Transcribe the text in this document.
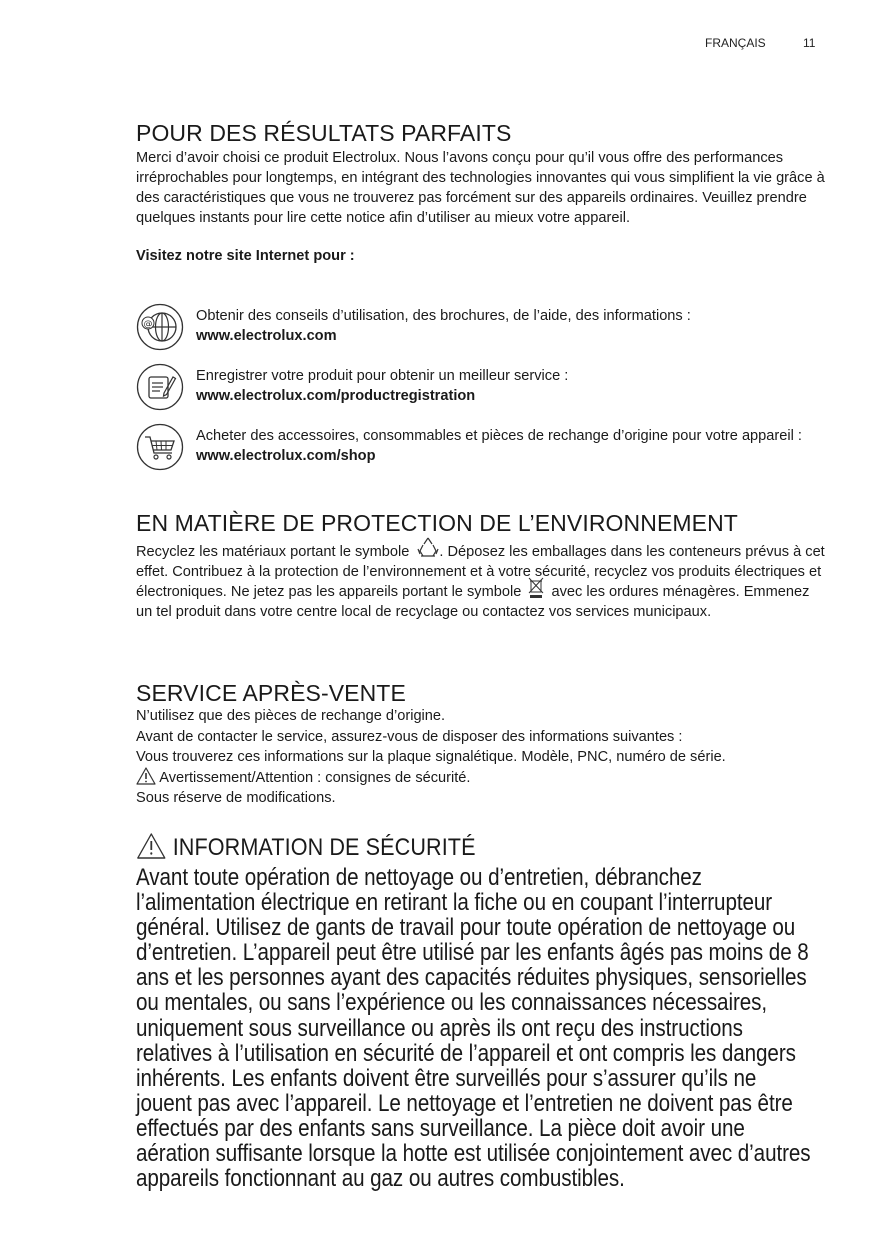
FRANÇAIS	11
POUR DES RÉSULTATS PARFAITS

Merci d’avoir choisi ce produit Electrolux. Nous l’avons conçu pour qu’il vous offre des performances irréprochables pour longtemps, en intégrant des technologies innovantes qui vous simplifient la vie grâce à des caractéristiques que vous ne trouverez pas forcément sur des appareils ordinaires. Veuillez prendre quelques instants pour lire cette notice afin d’utiliser au mieux votre appareil.

Visitez notre site Internet pour :
@
Obtenir des conseils d’utilisation, des brochures, de l’aide, des informations :
www.electrolux.com
Enregistrer votre produit pour obtenir un meilleur service :
www.electrolux.com/productregistration
Acheter des accessoires, consommables et pièces de rechange d’origine pour votre appareil :
www.electrolux.com/shop
EN MATIÈRE DE PROTECTION DE L’ENVIRONNEMENT

Recyclez les matériaux portant le symbole . Déposez les emballages dans les conteneurs prévus à cet effet. Contribuez à la protection de l’environnement et à votre sécurité, recyclez vos produits électriques et électroniques. Ne jetez pas les appareils portant le symbole avec les ordures ménagères. Emmenez un tel produit dans votre centre local de recyclage ou contactez vos services municipaux.

SERVICE APRÈS-VENTE
N’utilisez que des pièces de rechange d’origine.
Avant de contacter le service, assurez-vous de disposer des informations suivantes :
Vous trouverez ces informations sur la plaque signalétique. Modèle, PNC, numéro de série.
Avertissement/Attention : consignes de sécurité.
Sous réserve de modifications.
INFORMATION DE SÉCURITÉ

Avant toute opération de nettoyage ou d’entretien, débranchez l’alimentation électrique en retirant la fiche ou en coupant l’interrupteur général. Utilisez de gants de travail pour toute opération de nettoyage ou d’entretien. L’appareil peut être utilisé par les enfants âgés pas moins de 8 ans et les personnes ayant des capacités réduites physiques, sensorielles ou mentales, ou sans l’expérience ou les connaissances nécessaires, uniquement sous surveillance ou après ils ont reçu des instructions relatives à l’utilisation en sécurité de l’appareil et ont compris les dangers inhérents. Les enfants doivent être surveillés pour s’assurer qu’ils ne jouent pas avec l’appareil. Le nettoyage et l’entretien ne doivent pas être effectués par des enfants sans surveillance. La pièce doit avoir une aération suffisante lorsque la hotte est utilisée conjointement avec d’autres appareils fonctionnant au gaz ou autres combustibles.
